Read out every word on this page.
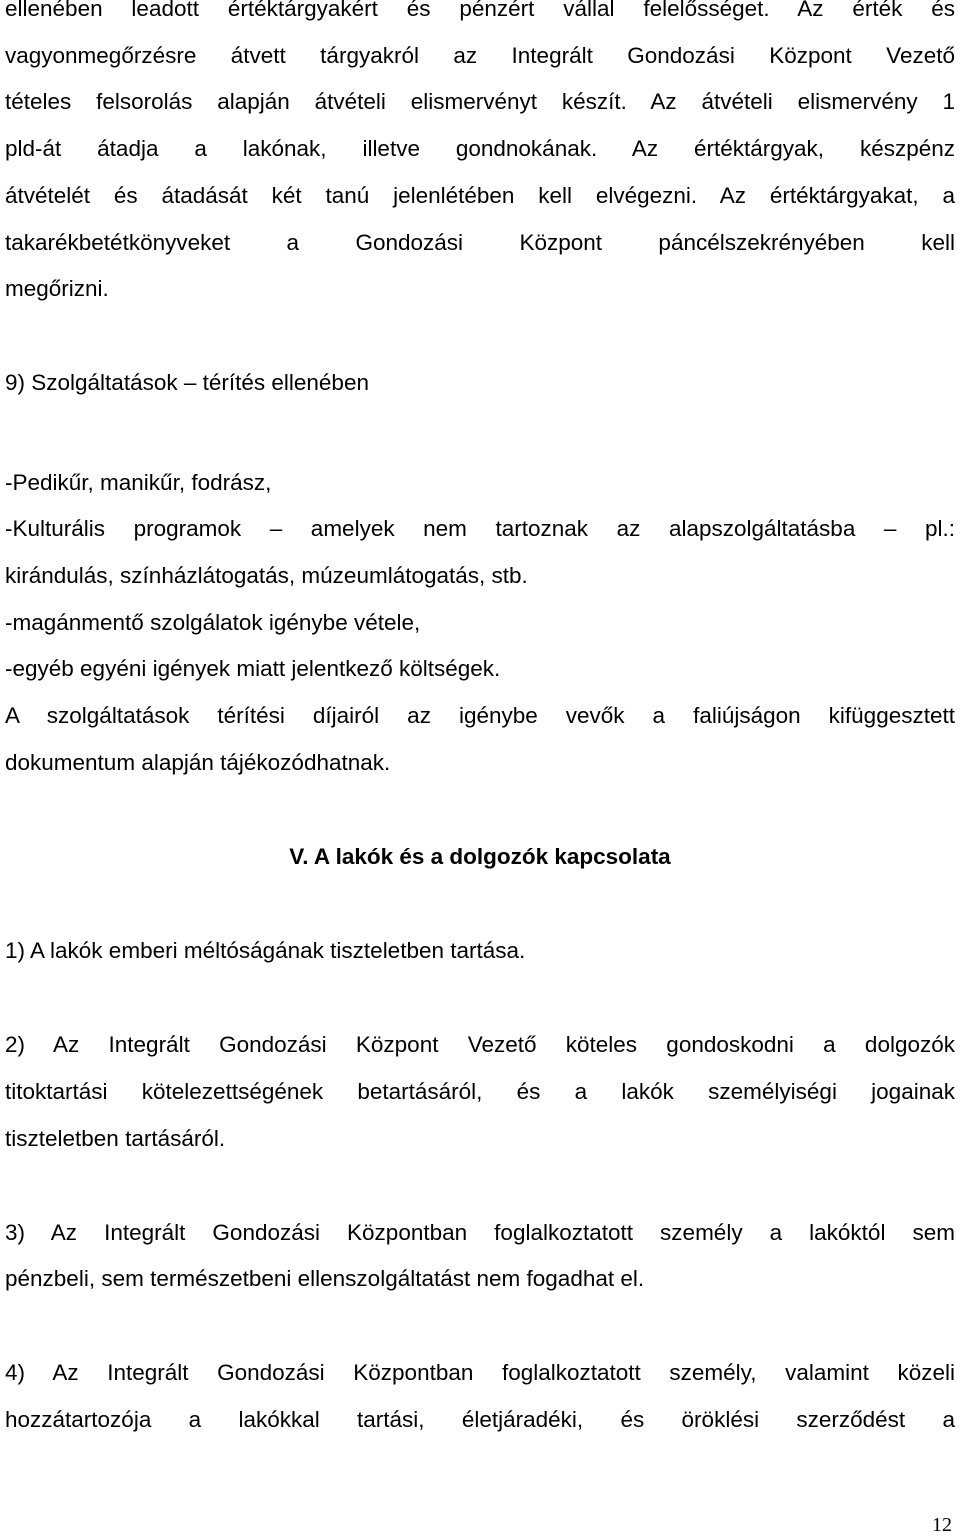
ellenében leadott értéktárgyakért és pénzért vállal felelősséget. Az érték és
vagyonmegőrzésre átvett tárgyakról az Integrált Gondozási Központ Vezető
tételes felsorolás alapján átvételi elismervényt készít. Az átvételi elismervény 1
pld-át átadja a lakónak, illetve gondnokának. Az értéktárgyak, készpénz
átvételét és átadását két tanú jelenlétében kell elvégezni. Az értéktárgyakat, a
takarékbetétkönyveket a Gondozási Központ páncélszekrényében kell
megőrizni.
9) Szolgáltatások – térítés ellenében
-Pedikűr, manikűr, fodrász,
-Kulturális programok – amelyek nem tartoznak az alapszolgáltatásba – pl.:
kirándulás, színházlátogatás, múzeumlátogatás, stb.
-magánmentő szolgálatok igénybe vétele,
-egyéb egyéni igények miatt jelentkező költségek.
A szolgáltatások térítési díjairól az igénybe vevők a faliújságon kifüggesztett
dokumentum alapján tájékozódhatnak.
V. A lakók és a dolgozók kapcsolata
1) A lakók emberi méltóságának tiszteletben tartása.
2) Az Integrált Gondozási Központ Vezető köteles gondoskodni a dolgozók
titoktartási kötelezettségének betartásáról, és a lakók személyiségi jogainak
tiszteletben tartásáról.
3) Az Integrált Gondozási Központban foglalkoztatott személy a lakóktól sem
pénzbeli, sem természetbeni ellenszolgáltatást nem fogadhat el.
4) Az Integrált Gondozási Központban foglalkoztatott személy, valamint közeli
hozzátartozója a lakókkal tartási, életjáradéki, és öröklési szerződést a
12
